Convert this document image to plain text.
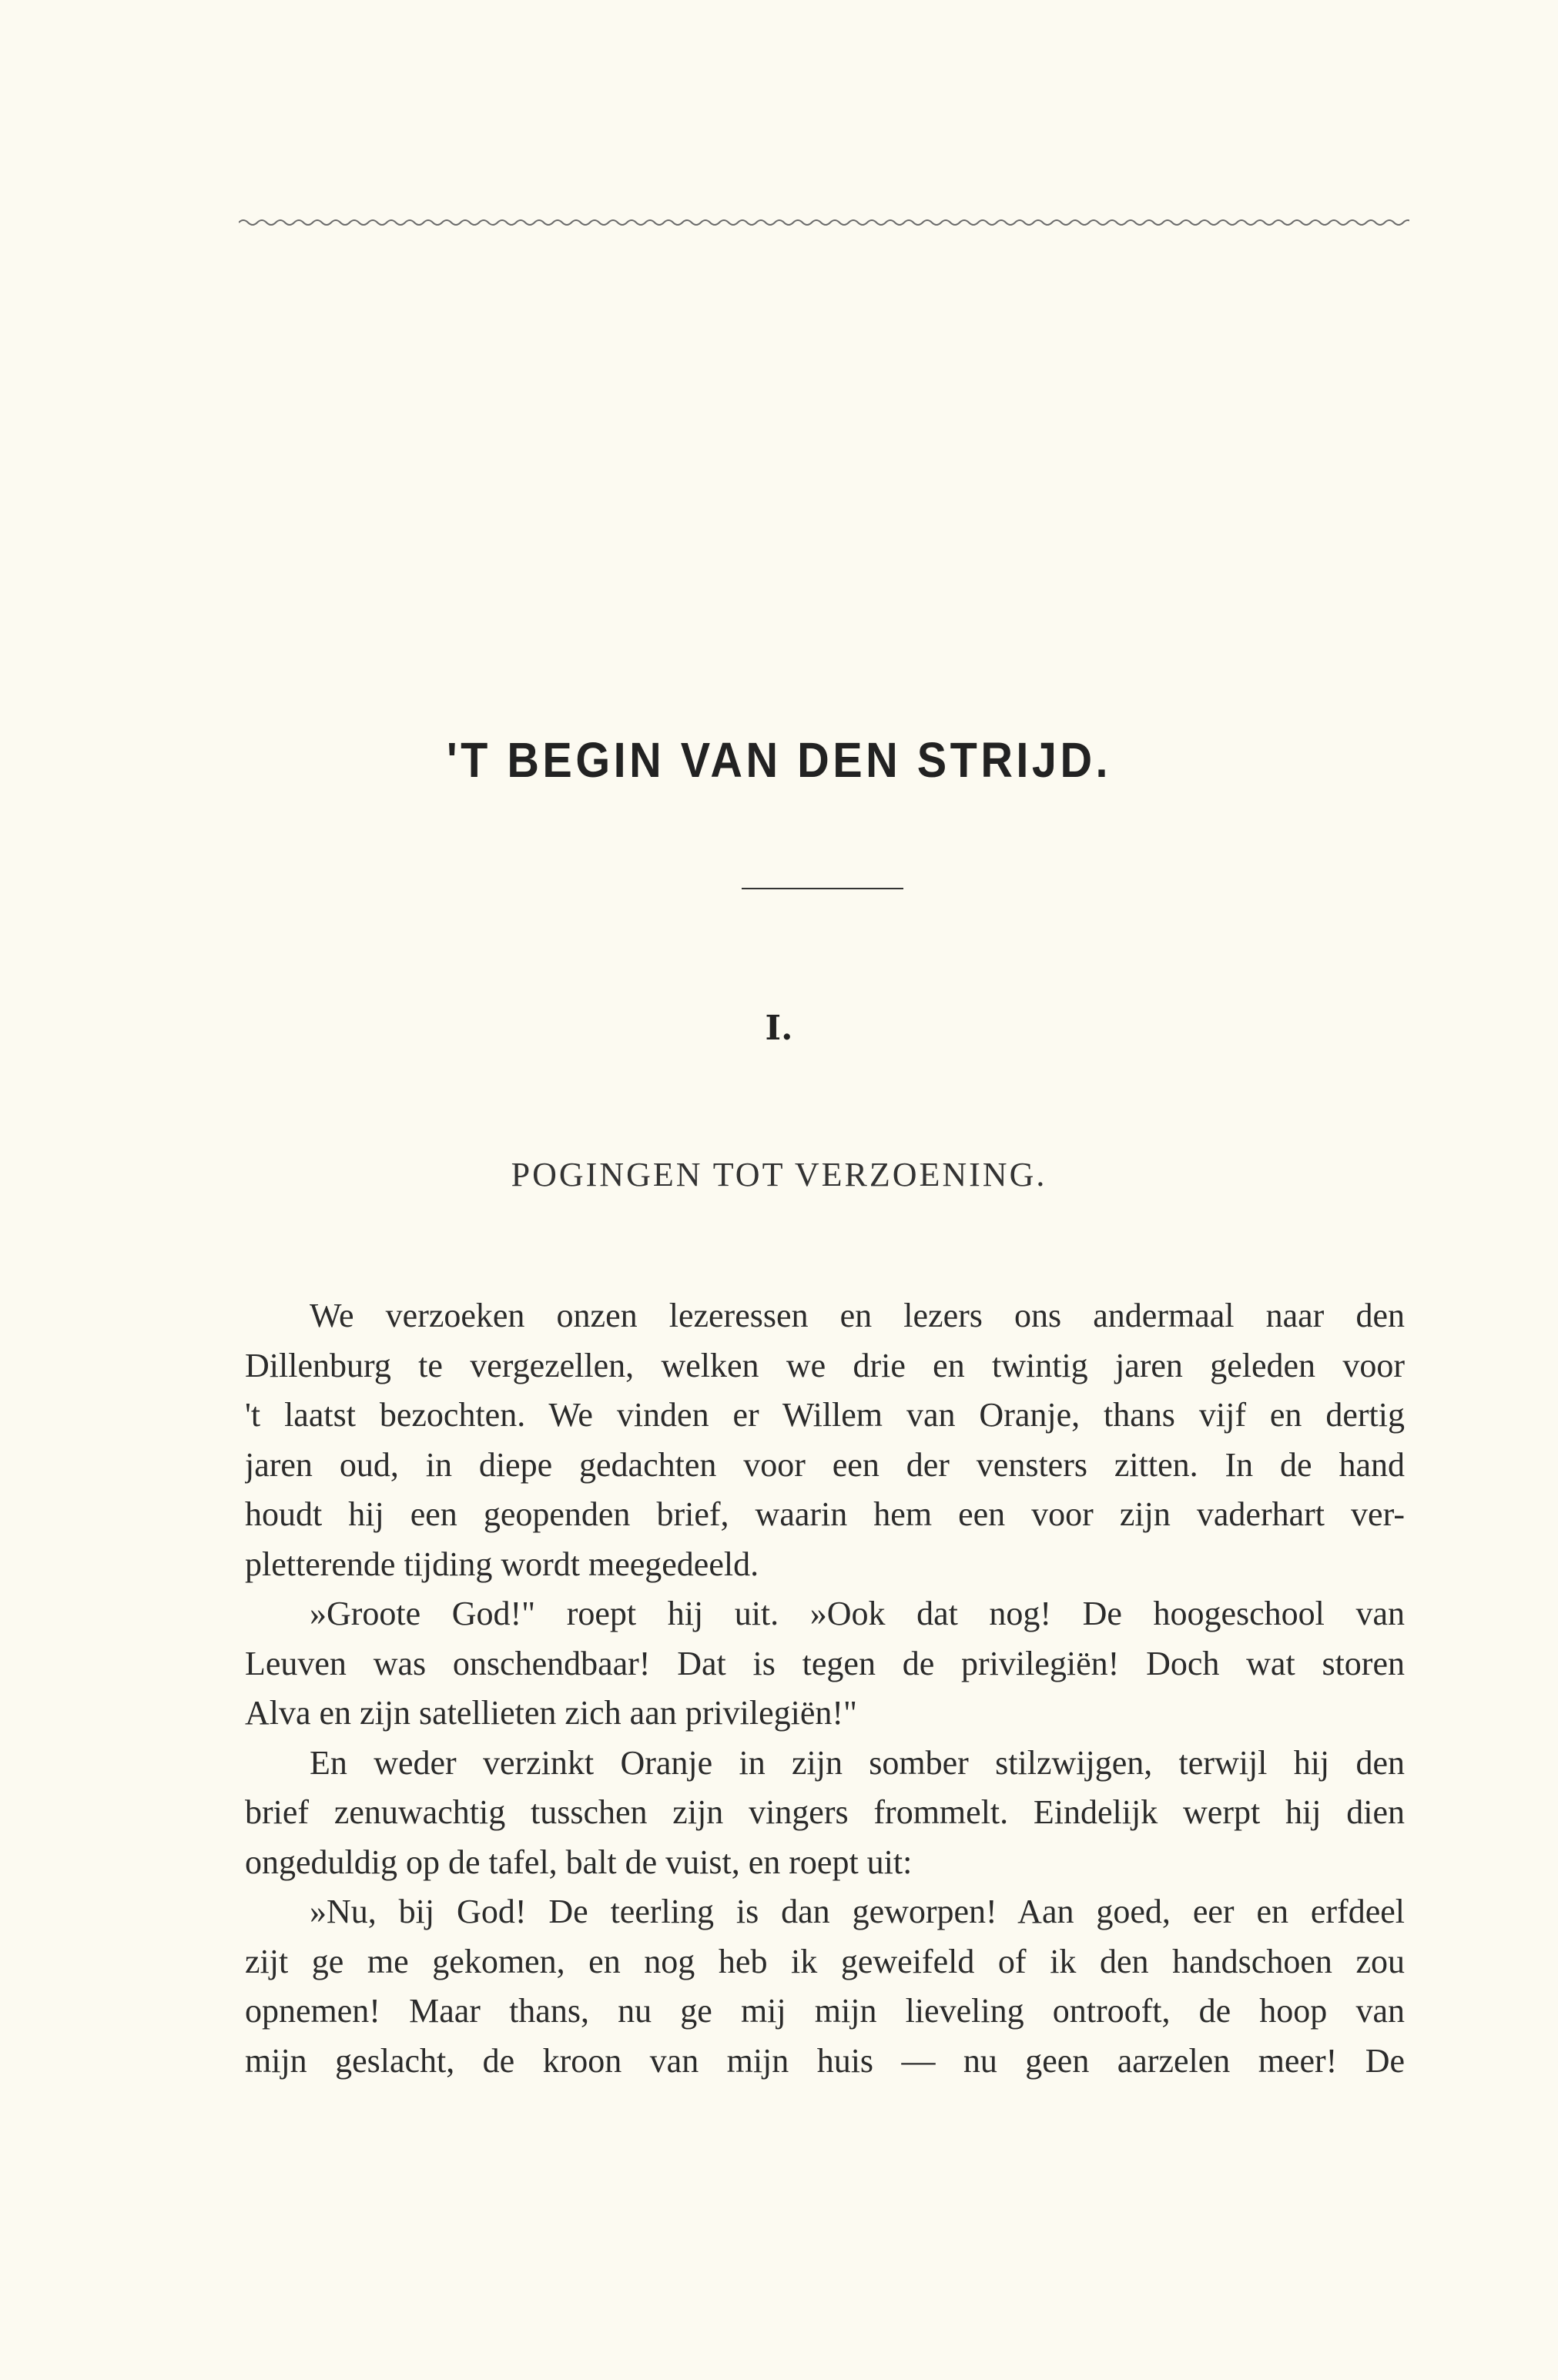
'T BEGIN VAN DEN STRIJD.
I.
POGINGEN TOT VERZOENING.
We verzoeken onzen lezeressen en lezers ons andermaal naar den
Dillenburg te vergezellen, welken we drie en twintig jaren geleden voor
't laatst bezochten. We vinden er Willem van Oranje, thans vijf en dertig
jaren oud, in diepe gedachten voor een der vensters zitten. In de hand
houdt hij een geopenden brief, waarin hem een voor zijn vaderhart ver-
pletterende tijding wordt meegedeeld.
»Groote God!" roept hij uit. »Ook dat nog! De hoogeschool van
Leuven was onschendbaar! Dat is tegen de privilegiën! Doch wat storen
Alva en zijn satellieten zich aan privilegiën!"
En weder verzinkt Oranje in zijn somber stilzwijgen, terwijl hij den
brief zenuwachtig tusschen zijn vingers frommelt. Eindelijk werpt hij dien
ongeduldig op de tafel, balt de vuist, en roept uit:
»Nu, bij God! De teerling is dan geworpen! Aan goed, eer en erfdeel
zijt ge me gekomen, en nog heb ik geweifeld of ik den handschoen zou
opnemen! Maar thans, nu ge mij mijn lieveling ontrooft, de hoop van
mijn geslacht, de kroon van mijn huis — nu geen aarzelen meer! De
